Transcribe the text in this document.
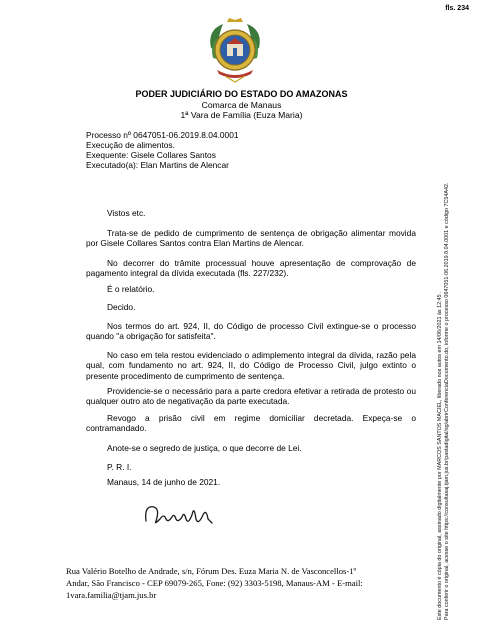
fls. 234
PODER JUDICIÁRIO DO ESTADO DO AMAZONAS
Comarca de Manaus
1ª Vara de Família (Euza Maria)
Processo nº 0647051-06.2019.8.04.0001
Execução de alimentos.
Exequente: Gisele Collares Santos
Executado(a): Elan Martins de Alencar
Vistos etc.
Trata-se de pedido de cumprimento de sentença de obrigação alimentar movida por Gisele Collares Santos contra Elan Martins de Alencar.
No decorrer do trâmite processual houve apresentação de comprovação de pagamento integral da dívida executada (fls. 227/232).
É o relatório.
Decido.
Nos termos do art. 924, II, do Código de processo Civil extingue-se o processo quando "a obrigação for satisfeita".
No caso em tela restou evidenciado o adimplemento integral da dívida, razão pela qual, com fundamento no art. 924, II, do Código de Processo Civil, julgo extinto o presente procedimento de cumprimento de sentença.
Providencie-se o necessário para a parte credora efetivar a retirada de protesto ou qualquer outro ato de negativação da parte executada.
Revogo a prisão civil em regime domiciliar decretada. Expeça-se o contramandado.
Anote-se o segredo de justiça, o que decorre de Lei.
P. R. I.
Manaus, 14 de junho de 2021.
Rua Valério Botelho de Andrade, s/n, Fórum Des. Euza Maria N. de Vasconcellos-1º
Andar, São Francisco - CEP 69079-265, Fone: (92) 3303-5198, Manaus-AM - E-mail:
1vara.familia@tjam.jus.br	Este documento é cópia do original, assinado digitalmente por MARCOS SANTOS MACIEL, liberado nos autos em 14/06/2021 às 12:45 . Para conferir o original, acesse o site https://consultasaj.tjam.jus.br/pastadigital/sg/abrirConferenciaDocumento.do, informe o processo 0647051-06.2019.8.04.0001 e código 7C54A42.
